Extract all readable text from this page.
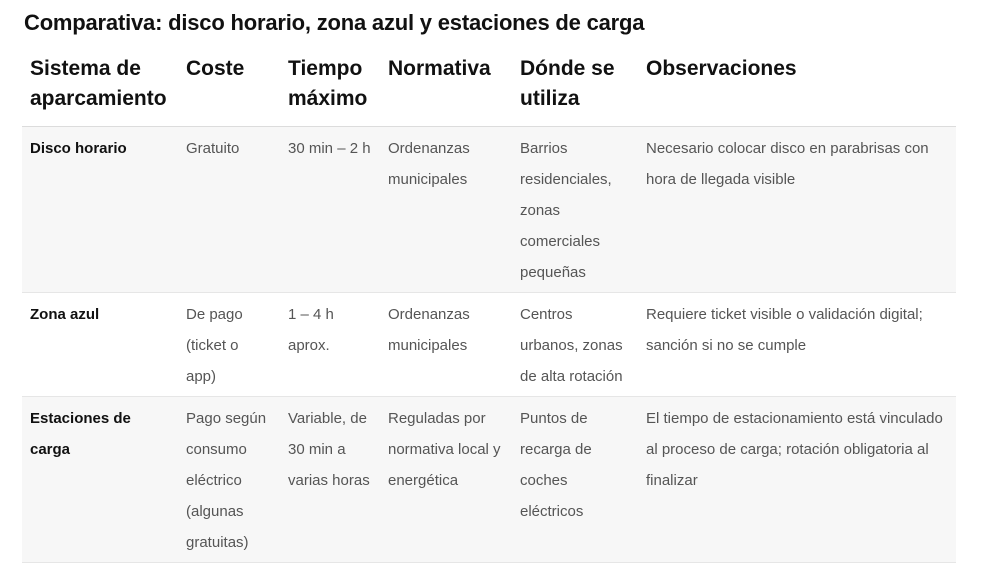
Comparativa: disco horario, zona azul y estaciones de carga
Sistema de aparcamiento	Coste	Tiempo máximo	Normativa	Dónde se utiliza	Observaciones
Disco horario	Gratuito	30 min – 2 h	Ordenanzas municipales	Barrios residenciales, zonas comerciales pequeñas	Necesario colocar disco en parabrisas con hora de llegada visible
Zona azul	De pago (ticket o app)	1 – 4 h aprox.	Ordenanzas municipales	Centros urbanos, zonas de alta rotación	Requiere ticket visible o validación digital; sanción si no se cumple
Estaciones de carga	Pago según consumo eléctrico (algunas gratuitas)	Variable, de 30 min a varias horas	Reguladas por normativa local y energética	Puntos de recarga de coches eléctricos	El tiempo de estacionamiento está vinculado al proceso de carga; rotación obligatoria al finalizar
